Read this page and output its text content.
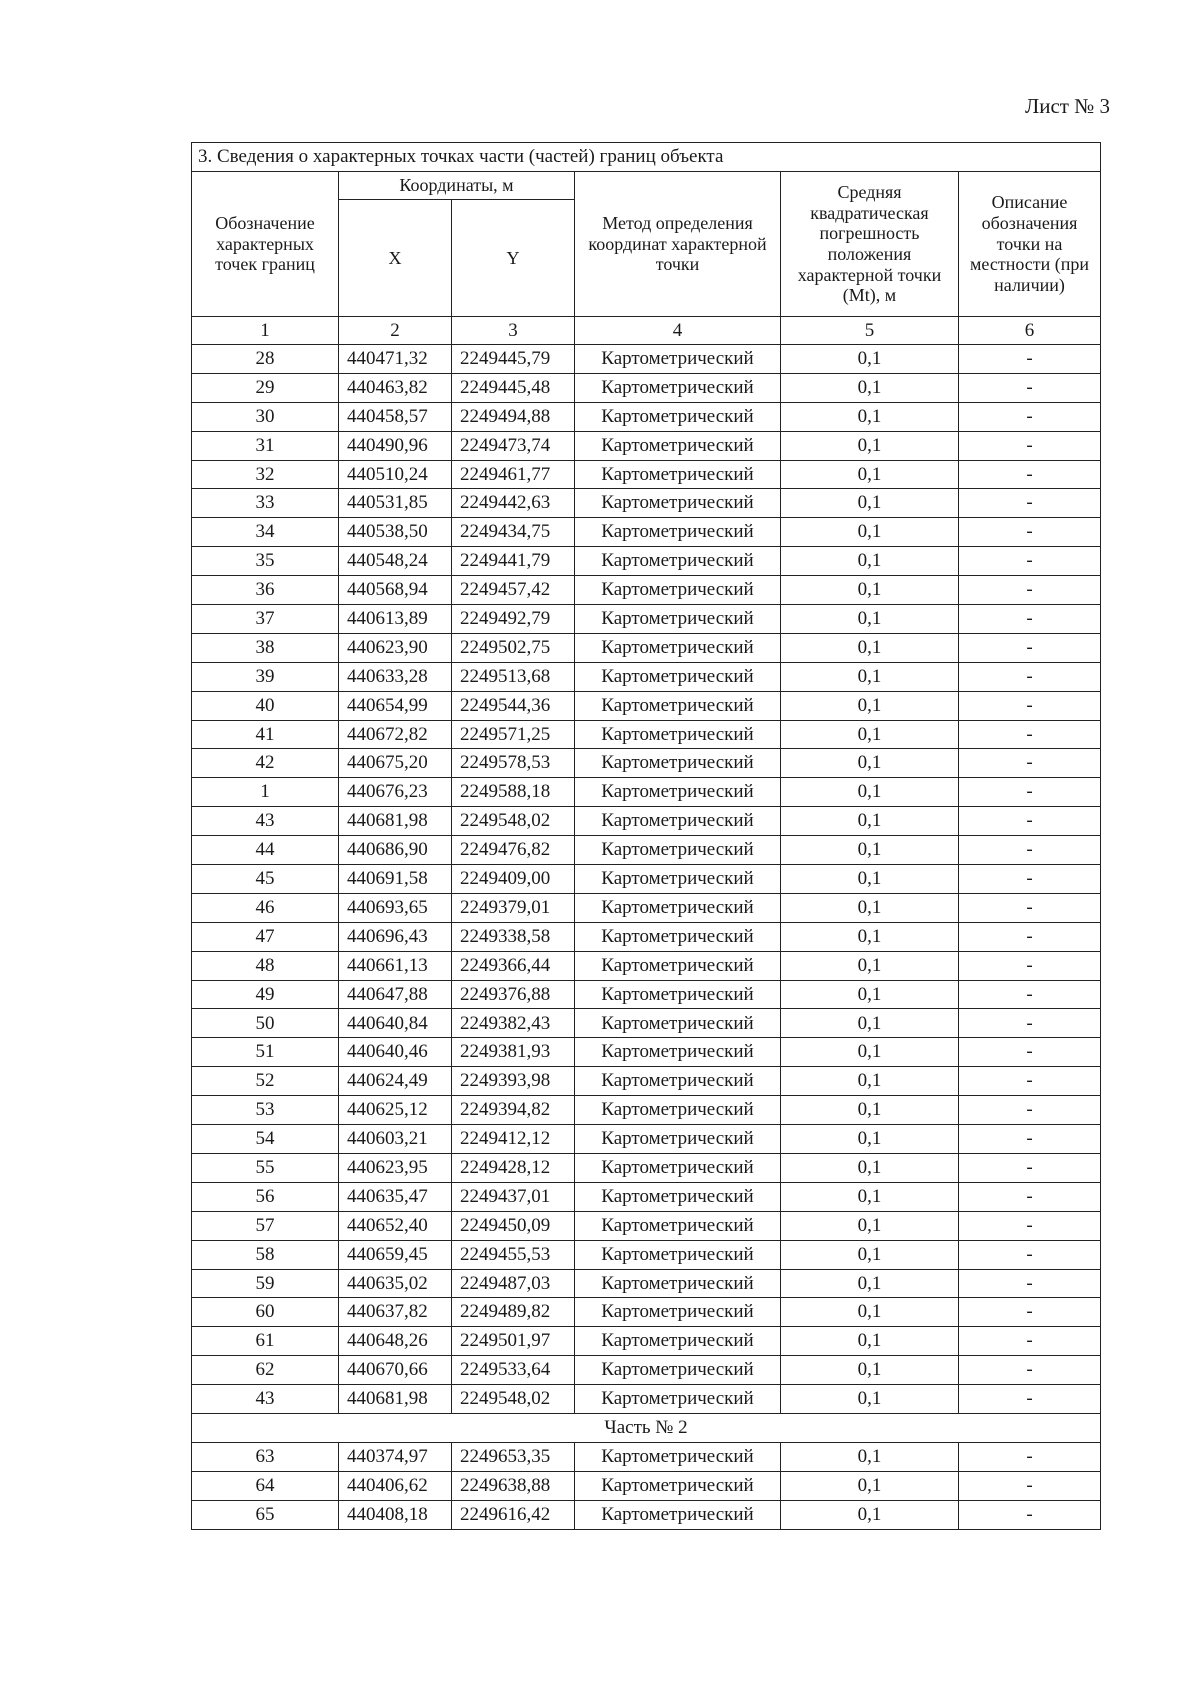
Лист № 3
3. Сведения о характерных точках части (частей) границ объекта					
Обозначение характерных точек границ	Координаты, м		Метод определения координат характерной точки	Средняя квадратическая погрешность положения характерной точки (Mt), м	Описание обозначения точки на местности (при наличии)
	X	Y			
1	2	3	4	5	6
28	440471,32	2249445,79	Картометрический	0,1	-
29	440463,82	2249445,48	Картометрический	0,1	-
30	440458,57	2249494,88	Картометрический	0,1	-
31	440490,96	2249473,74	Картометрический	0,1	-
32	440510,24	2249461,77	Картометрический	0,1	-
33	440531,85	2249442,63	Картометрический	0,1	-
34	440538,50	2249434,75	Картометрический	0,1	-
35	440548,24	2249441,79	Картометрический	0,1	-
36	440568,94	2249457,42	Картометрический	0,1	-
37	440613,89	2249492,79	Картометрический	0,1	-
38	440623,90	2249502,75	Картометрический	0,1	-
39	440633,28	2249513,68	Картометрический	0,1	-
40	440654,99	2249544,36	Картометрический	0,1	-
41	440672,82	2249571,25	Картометрический	0,1	-
42	440675,20	2249578,53	Картометрический	0,1	-
1	440676,23	2249588,18	Картометрический	0,1	-
43	440681,98	2249548,02	Картометрический	0,1	-
44	440686,90	2249476,82	Картометрический	0,1	-
45	440691,58	2249409,00	Картометрический	0,1	-
46	440693,65	2249379,01	Картометрический	0,1	-
47	440696,43	2249338,58	Картометрический	0,1	-
48	440661,13	2249366,44	Картометрический	0,1	-
49	440647,88	2249376,88	Картометрический	0,1	-
50	440640,84	2249382,43	Картометрический	0,1	-
51	440640,46	2249381,93	Картометрический	0,1	-
52	440624,49	2249393,98	Картометрический	0,1	-
53	440625,12	2249394,82	Картометрический	0,1	-
54	440603,21	2249412,12	Картометрический	0,1	-
55	440623,95	2249428,12	Картометрический	0,1	-
56	440635,47	2249437,01	Картометрический	0,1	-
57	440652,40	2249450,09	Картометрический	0,1	-
58	440659,45	2249455,53	Картометрический	0,1	-
59	440635,02	2249487,03	Картометрический	0,1	-
60	440637,82	2249489,82	Картометрический	0,1	-
61	440648,26	2249501,97	Картометрический	0,1	-
62	440670,66	2249533,64	Картометрический	0,1	-
43	440681,98	2249548,02	Картометрический	0,1	-
Часть № 2					
63	440374,97	2249653,35	Картометрический	0,1	-
64	440406,62	2249638,88	Картометрический	0,1	-
65	440408,18	2249616,42	Картометрический	0,1	-
